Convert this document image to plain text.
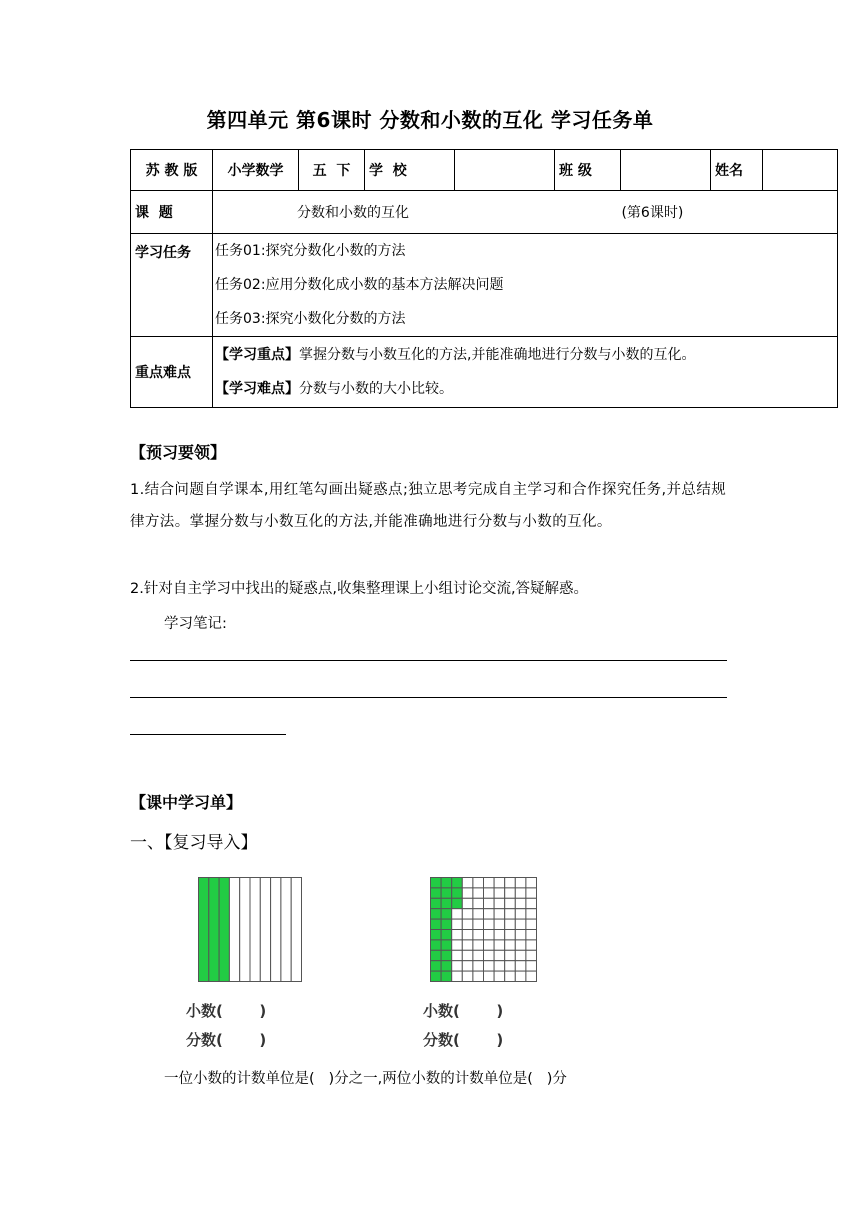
第四单元 第6课时 分数和小数的互化 学习任务单
苏 教 版	小学数学	五  下	学  校		班 级		姓名	
课  题	分数和小数的互化 (第6课时)							
学习任务	任务01:探究分数化小数的方法
任务02:应用分数化成小数的基本方法解决问题
任务03:探究小数化分数的方法							

重点难点	【学习重点】掌握分数与小数互化的方法,并能准确地进行分数与小数的互化。
【学习难点】分数与小数的大小比较。							
【预习要领】
1.结合问题自学课本,用红笔勾画出疑惑点;独立思考完成自主学习和合作探究任务,并总结规律方法。掌握分数与小数互化的方法,并能准确地进行分数与小数的互化。
2.针对自主学习中找出的疑惑点,收集整理课上小组讨论交流,答疑解惑。
学习笔记:
【课中学习单】
一、【复习导入】
小数(       )
分数(       )
小数(       )
分数(       )
一位小数的计数单位是(   )分之一,两位小数的计数单位是(   )分
